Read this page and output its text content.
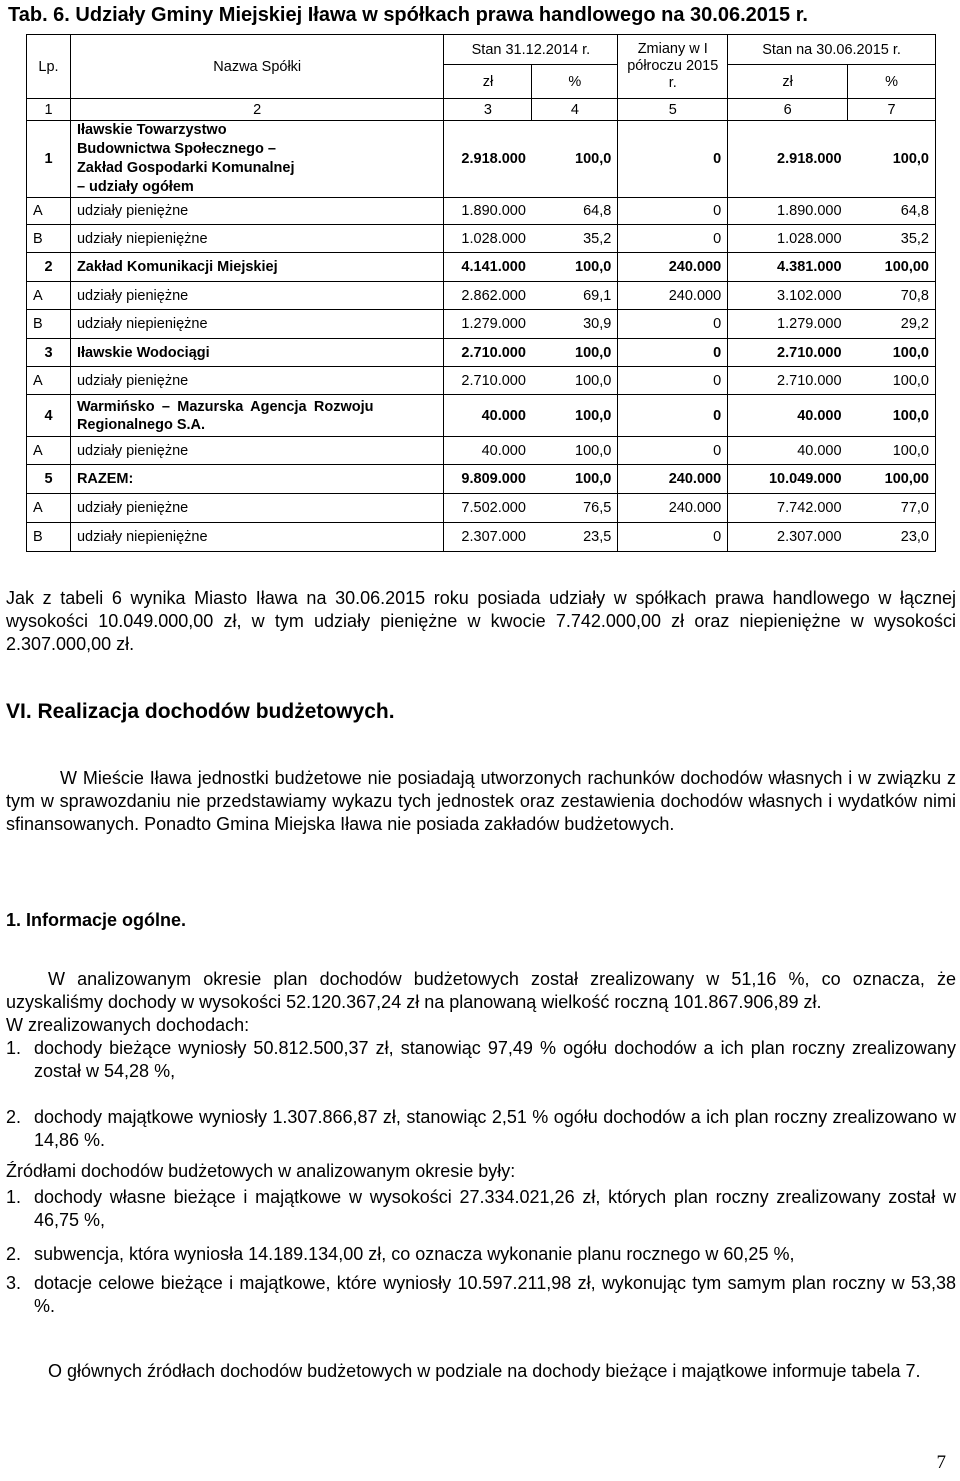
Tab. 6. Udziały Gminy Miejskiej Iława w spółkach prawa handlowego na 30.06.2015 r.
Lp.	Nazwa Spółki	Stan 31.12.2014 r.		Zmiany w I półroczu 2015 r.	Stan na 30.06.2015 r.	
		zł	%		zł	%
1	2	3	4	5	6	7
1	Iławskie Towarzystwo Budownictwa Społecznego – Zakład Gospodarki Komunalnej – udziały ogółem	2.918.000	100,0	0	2.918.000	100,0
A	udziały pieniężne	1.890.000	64,8	0	1.890.000	64,8
B	udziały niepieniężne	1.028.000	35,2	0	1.028.000	35,2
2	Zakład Komunikacji Miejskiej	4.141.000	100,0	240.000	4.381.000	100,00
A	udziały pieniężne	2.862.000	69,1	240.000	3.102.000	70,8
B	udziały niepieniężne	1.279.000	30,9	0	1.279.000	29,2
3	Iławskie Wodociągi	2.710.000	100,0	0	2.710.000	100,0
A	udziały pieniężne	2.710.000	100,0	0	2.710.000	100,0
4	Warmińsko – Mazurska Agencja Rozwoju Regionalnego S.A.	40.000	100,0	0	40.000	100,0
A	udziały pieniężne	40.000	100,0	0	40.000	100,0
5	RAZEM:	9.809.000	100,0	240.000	10.049.000	100,00
A	udziały pieniężne	7.502.000	76,5	240.000	7.742.000	77,0
B	udziały niepieniężne	2.307.000	23,5	0	2.307.000	23,0

Jak z tabeli 6 wynika Miasto Iława na 30.06.2015 roku posiada udziały w spółkach prawa handlowego w łącznej wysokości 10.049.000,00 zł, w tym udziały pieniężne w kwocie 7.742.000,00 zł oraz niepieniężne w wysokości 2.307.000,00 zł.

VI. Realizacja dochodów budżetowych.

W Mieście Iława jednostki budżetowe nie posiadają utworzonych rachunków dochodów własnych i w związku z tym w sprawozdaniu nie przedstawiamy wykazu tych jednostek oraz zestawienia dochodów własnych i wydatków nimi sfinansowanych. Ponadto Gmina Miejska Iława nie posiada zakładów budżetowych.

1. Informacje ogólne.

W analizowanym okresie plan dochodów budżetowych został zrealizowany w 51,16 %, co oznacza, że uzyskaliśmy dochody w wysokości 52.120.367,24 zł na planowaną wielkość roczną 101.867.906,89 zł.

W zrealizowanych dochodach:

1. dochody bieżące wyniosły 50.812.500,37 zł, stanowiąc 97,49 % ogółu dochodów a ich plan roczny zrealizowany został w 54,28 %,

2. dochody majątkowe wyniosły 1.307.866,87 zł, stanowiąc 2,51 % ogółu dochodów a ich plan roczny zrealizowano w 14,86 %.

Źródłami dochodów budżetowych w analizowanym okresie były:

1. dochody własne bieżące i majątkowe w wysokości 27.334.021,26 zł, których plan roczny zrealizowany został w 46,75 %,

2. subwencja, która wyniosła 14.189.134,00 zł, co oznacza wykonanie planu rocznego w 60,25 %,

3. dotacje celowe bieżące i majątkowe, które wyniosły 10.597.211,98 zł, wykonując tym samym plan roczny w 53,38 %.

O głównych źródłach dochodów budżetowych w podziale na dochody bieżące i majątkowe informuje tabela 7.

7
